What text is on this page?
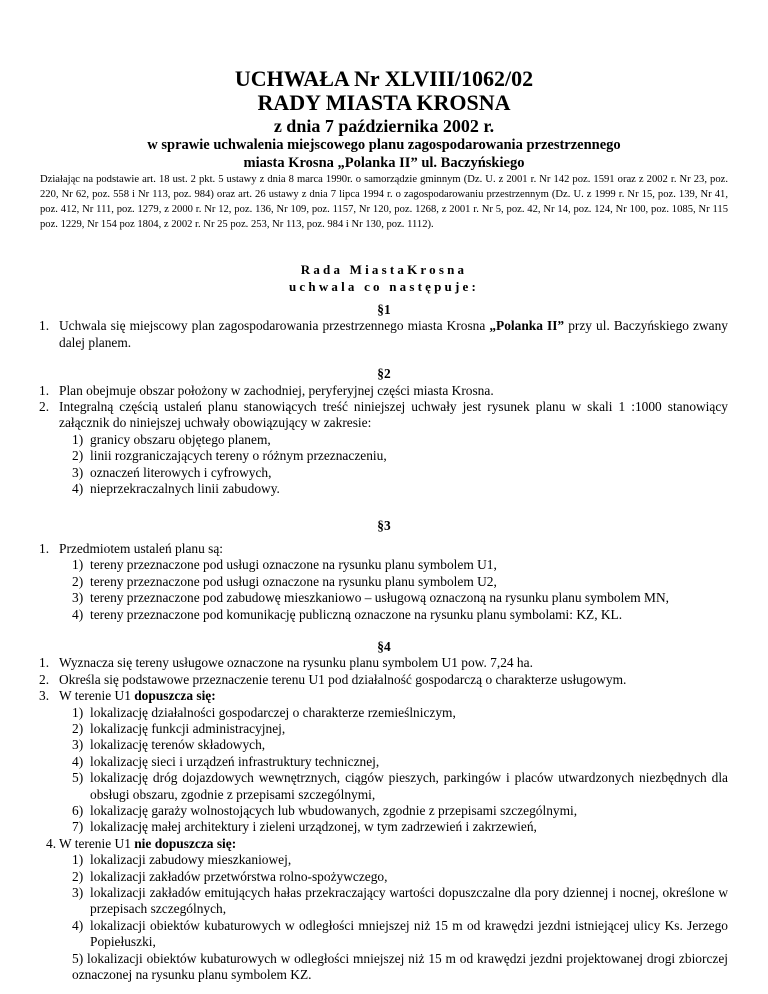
UCHWAŁA Nr XLVIII/1062/02
RADY MIASTA KROSNA
z dnia 7 października 2002 r.
w sprawie uchwalenia miejscowego planu zagospodarowania przestrzennego
miasta Krosna „Polanka II” ul. Baczyńskiego
Działając na podstawie art. 18 ust. 2 pkt. 5 ustawy z dnia 8 marca 1990r. o samorządzie gminnym (Dz. U. z 2001 r. Nr 142 poz. 1591 oraz z 2002 r. Nr 23, poz. 220, Nr 62, poz. 558 i Nr 113, poz. 984) oraz art. 26 ustawy z dnia 7 lipca 1994 r. o zagospodarowaniu przestrzennym (Dz. U. z 1999 r. Nr 15, poz. 139, Nr 41, poz. 412, Nr 111, poz. 1279, z 2000 r. Nr 12, poz. 136, Nr 109, poz. 1157, Nr 120, poz. 1268, z 2001 r. Nr 5, poz. 42, Nr 14, poz. 124, Nr 100, poz. 1085, Nr 115 poz. 1229, Nr 154 poz 1804, z 2002 r. Nr 25 poz. 253, Nr 113, poz. 984 i Nr 130, poz. 1112).
Rada MiastaKrosna
uchwala co następuje:
§1
1. Uchwala się miejscowy plan zagospodarowania przestrzennego miasta Krosna „Polanka II” przy ul. Baczyńskiego zwany dalej planem.
§2
1. Plan obejmuje obszar położony w zachodniej, peryferyjnej części miasta Krosna.
2. Integralną częścią ustaleń planu stanowiących treść niniejszej uchwały jest rysunek planu w skali 1 :1000 stanowiący załącznik do niniejszej uchwały obowiązujący w zakresie:
1) granicy obszaru objętego planem,
2) linii rozgraniczających tereny o różnym przeznaczeniu,
3) oznaczeń literowych i cyfrowych,
4) nieprzekraczalnych linii zabudowy.
§3
1. Przedmiotem ustaleń planu są:
1) tereny przeznaczone pod usługi oznaczone na rysunku planu symbolem U1,
2) tereny przeznaczone pod usługi oznaczone na rysunku planu symbolem U2,
3) tereny przeznaczone pod zabudowę mieszkaniowo – usługową oznaczoną na rysunku planu symbolem MN,
4) tereny przeznaczone pod komunikację publiczną oznaczone na rysunku planu symbolami: KZ, KL.
§4
1. Wyznacza się tereny usługowe oznaczone na rysunku planu symbolem U1 pow. 7,24 ha.
2. Określa się podstawowe przeznaczenie terenu U1 pod działalność gospodarczą o charakterze usługowym.
3. W terenie U1 dopuszcza się:
1) lokalizację działalności gospodarczej o charakterze rzemieślniczym,
2) lokalizację funkcji administracyjnej,
3) lokalizację terenów składowych,
4) lokalizację sieci i urządzeń infrastruktury technicznej,
5) lokalizację dróg dojazdowych wewnętrznych, ciągów pieszych, parkingów i placów utwardzonych niezbędnych dla obsługi obszaru, zgodnie z przepisami szczególnymi,
6) lokalizację garaży wolnostojących lub wbudowanych, zgodnie z przepisami szczególnymi,
7) lokalizację małej architektury i zieleni urządzonej, w tym zadrzewień i zakrzewień,
4. W terenie U1 nie dopuszcza się:
1) lokalizacji zabudowy mieszkaniowej,
2) lokalizacji zakładów przetwórstwa rolno-spożywczego,
3) lokalizacji zakładów emitujących hałas przekraczający wartości dopuszczalne dla pory dziennej i nocnej, określone w przepisach szczególnych,
4) lokalizacji obiektów kubaturowych w odległości mniejszej niż 15 m od krawędzi jezdni istniejącej ulicy Ks. Jerzego Popiełuszki,
5) lokalizacji obiektów kubaturowych w odległości mniejszej niż 15 m od krawędzi jezdni projektowanej drogi zbiorczej oznaczonej na rysunku planu symbolem KZ.
